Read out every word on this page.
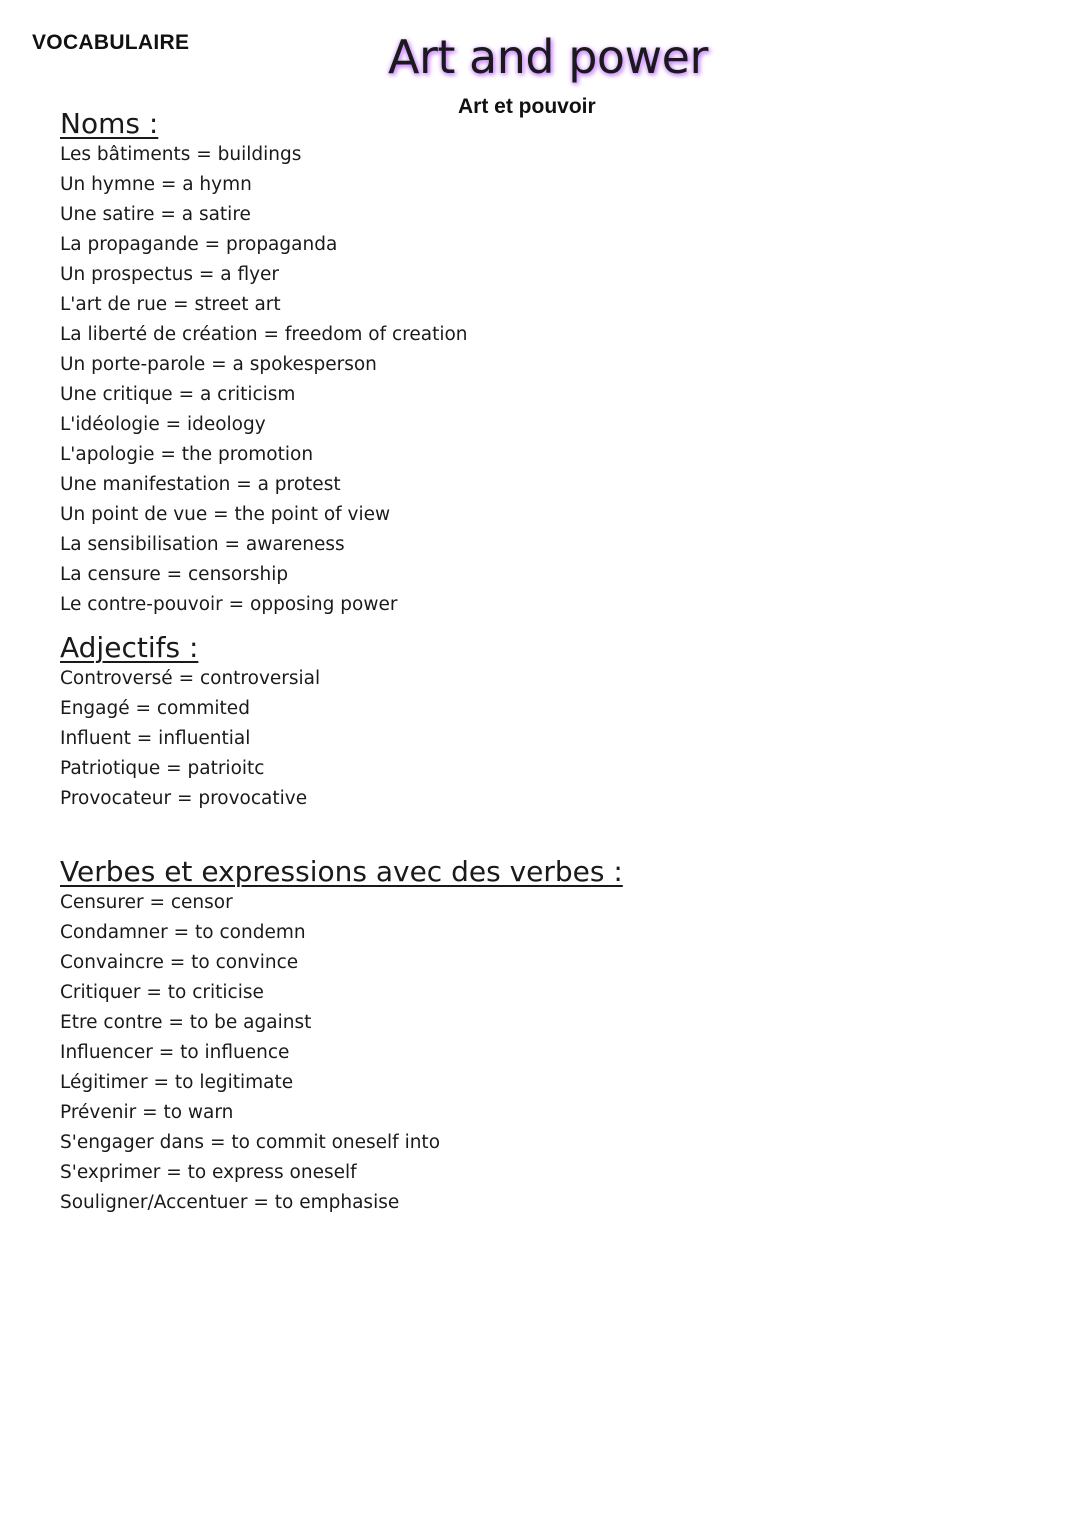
VOCABULAIRE	Art and power
Art et pouvoir
Noms :
Les bâtiments = buildings
Un hymne = a hymn
Une satire = a satire
La propagande = propaganda
Un prospectus = a flyer
L'art de rue = street art
La liberté de création = freedom of creation
Un porte-parole = a spokesperson
Une critique = a criticism
L'idéologie = ideology
L'apologie = the promotion
Une manifestation = a protest
Un point de vue = the point of view
La sensibilisation = awareness
La censure = censorship
Le contre-pouvoir = opposing power
Adjectifs :
Controversé = controversial
Engagé = commited
Influent = influential
Patriotique = patrioitc
Provocateur = provocative
Verbes et expressions avec des verbes :
Censurer = censor
Condamner = to condemn
Convaincre = to convince
Critiquer = to criticise
Etre contre = to be against
Influencer = to influence
Légitimer = to legitimate
Prévenir = to warn
S'engager dans = to commit oneself into
S'exprimer = to express oneself
Souligner/Accentuer = to emphasise
